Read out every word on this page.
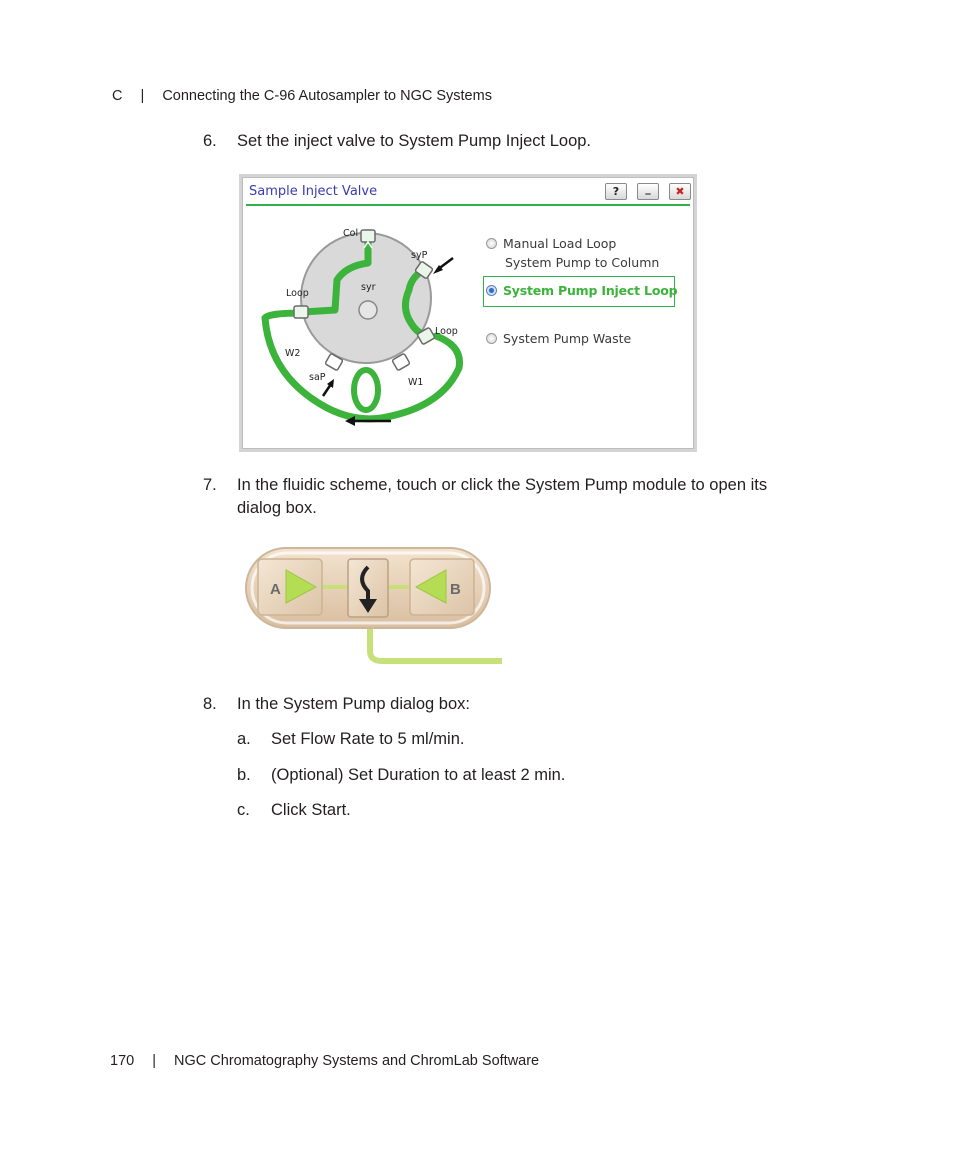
C | Connecting the C-96 Autosampler to NGC Systems
6. Set the inject valve to System Pump Inject Loop.
Sample Inject Valve	?	_	✖
Col
syP
syr
Loop
Loop
W2
saP	W1
Manual Load Loop
System Pump to Column
System Pump Inject Loop
System Pump Waste
7. In the fluidic scheme, touch or click the System Pump module to open its
dialog box.
A	B
8. In the System Pump dialog box:
a. Set Flow Rate to 5 ml/min.
b. (Optional) Set Duration to at least 2 min.
c. Click Start.
170 | NGC Chromatography Systems and ChromLab Software
